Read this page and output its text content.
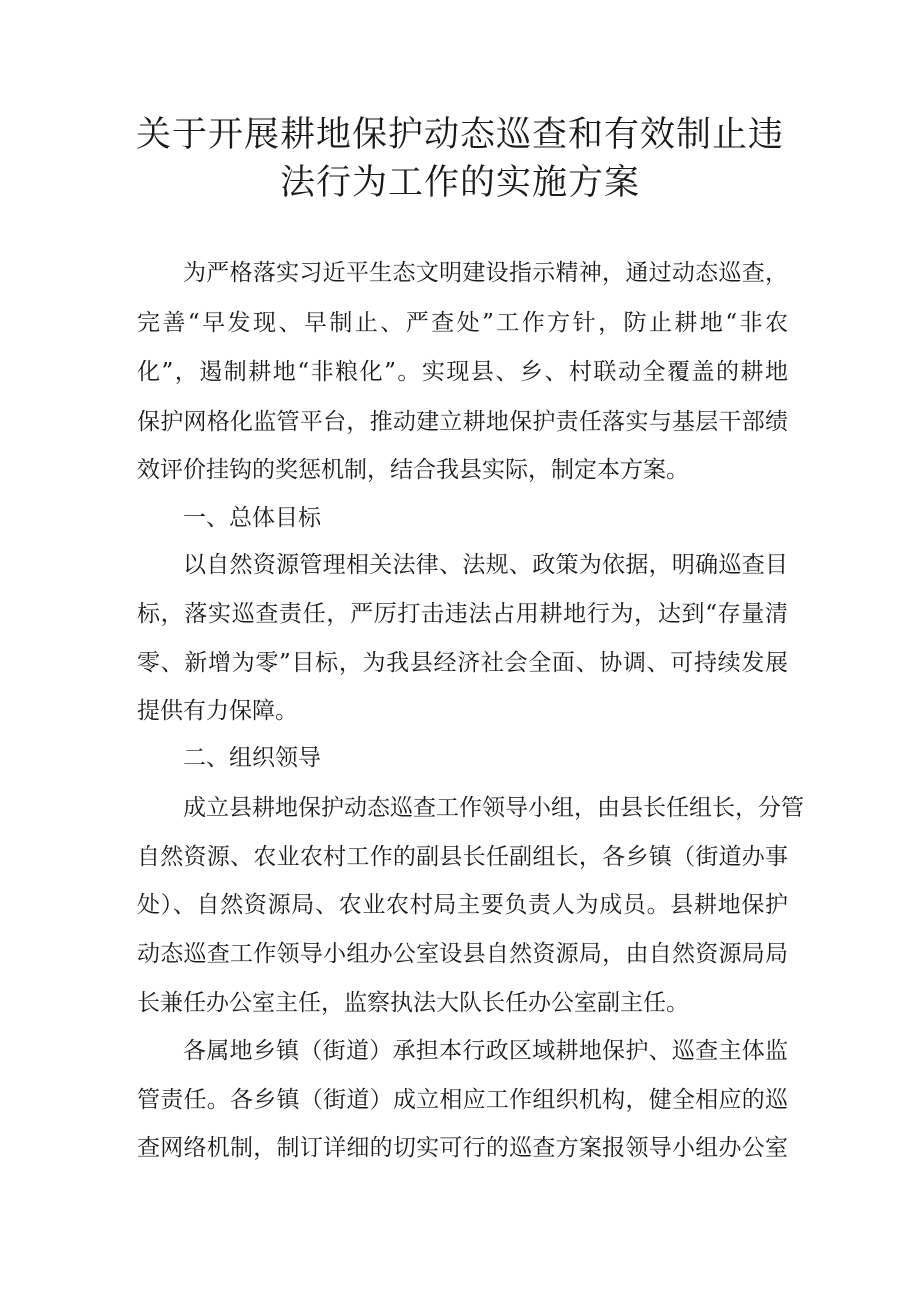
关于开展耕地保护动态巡查和有效制止违
法行为工作的实施方案
为严格落实习近平生态文明建设指示精神，通过动态巡查，
完善“早发现、早制止、严查处”工作方针，防止耕地“非农
化”，遏制耕地“非粮化”。实现县、乡、村联动全覆盖的耕地
保护网格化监管平台，推动建立耕地保护责任落实与基层干部绩
效评价挂钩的奖惩机制，结合我县实际，制定本方案。
一、总体目标
以自然资源管理相关法律、法规、政策为依据，明确巡查目
标，落实巡查责任，严厉打击违法占用耕地行为，达到“存量清
零、新增为零”目标，为我县经济社会全面、协调、可持续发展
提供有力保障。
二、组织领导
成立县耕地保护动态巡查工作领导小组，由县长任组长，分管
自然资源、农业农村工作的副县长任副组长，各乡镇（街道办事
处）、自然资源局、农业农村局主要负责人为成员。县耕地保护
动态巡查工作领导小组办公室设县自然资源局，由自然资源局局
长兼任办公室主任，监察执法大队长任办公室副主任。
各属地乡镇（街道）承担本行政区域耕地保护、巡查主体监
管责任。各乡镇（街道）成立相应工作组织机构，健全相应的巡
查网络机制，制订详细的切实可行的巡查方案报领导小组办公室
